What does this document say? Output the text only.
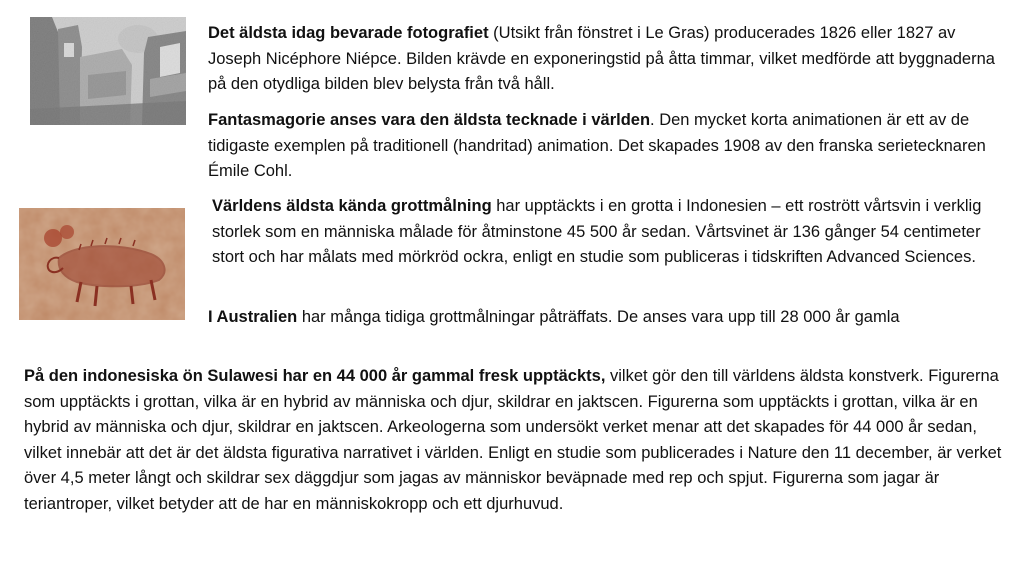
Det äldsta idag bevarade fotografiet (Utsikt från fönstret i Le Gras) producerades 1826 eller 1827 av Joseph Nicéphore Niépce. Bilden krävde en exponeringstid på åtta timmar, vilket medförde att byggnaderna på den otydliga bilden blev belysta från två håll.

Fantasmagorie anses vara den äldsta tecknade i världen. Den mycket korta animationen är ett av de tidigaste exemplen på traditionell (handritad) animation. Det skapades 1908 av den franska serietecknaren Émile Cohl.

Världens äldsta kända grottmålning har upptäckts i en grotta i Indonesien – ett rostrött vårtsvin i verklig storlek som en människa målade för åtminstone 45 500 år sedan. Vårtsvinet är 136 gånger 54 centimeter stort och har målats med mörkröd ockra, enligt en studie som publiceras i tidskriften Advanced Sciences.

I Australien har många tidiga grottmålningar påträffats. De anses vara upp till 28 000 år gamla

På den indonesiska ön Sulawesi har en 44 000 år gammal fresk upptäckts, vilket gör den till världens äldsta konstverk. Figurerna som upptäckts i grottan, vilka är en hybrid av människa och djur, skildrar en jaktscen. Figurerna som upptäckts i grottan, vilka är en hybrid av människa och djur, skildrar en jaktscen. Arkeologerna som undersökt verket menar att det skapades för 44 000 år sedan, vilket innebär att det är det äldsta figurativa narrativet i världen. Enligt en studie som publicerades i Nature den 11 december, är verket över 4,5 meter långt och skildrar sex däggdjur som jagas av människor beväpnade med rep och spjut. Figurerna som jagar är teriantroper, vilket betyder att de har en människokropp och ett djurhuvud.
